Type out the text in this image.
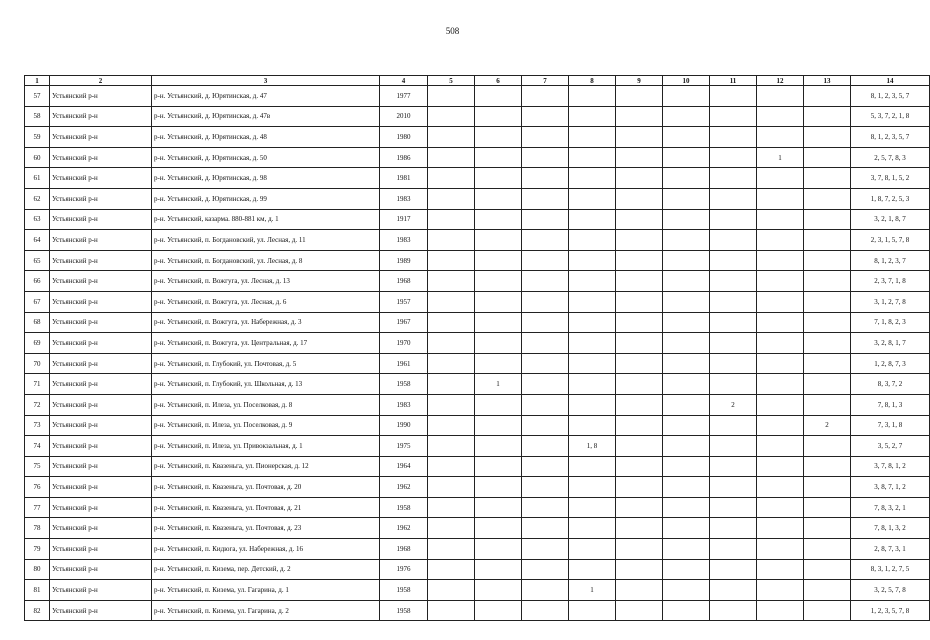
508
1	2	3	4	5	6	7	8	9	10	11	12	13	14
57	Устьянский р-н	р-н. Устьянский, д. Юрятинская, д. 47	1977										8, 1, 2, 3, 5, 7
58	Устьянский р-н	р-н. Устьянский, д. Юрятинская, д. 47в	2010										5, 3, 7, 2, 1, 8
59	Устьянский р-н	р-н. Устьянский, д. Юрятинская, д. 48	1980										8, 1, 2, 3, 5, 7
60	Устьянский р-н	р-н. Устьянский, д. Юрятинская, д. 50	1986								1		2, 5, 7, 8, 3
61	Устьянский р-н	р-н. Устьянский, д. Юрятинская, д. 98	1981										3, 7, 8, 1, 5, 2
62	Устьянский р-н	р-н. Устьянский, д. Юрятинская, д. 99	1983										1, 8, 7, 2, 5, 3
63	Устьянский р-н	р-н. Устьянский, казарма. 880-881 км, д. 1	1917										3, 2, 1, 8, 7
64	Устьянский р-н	р-н. Устьянский, п. Богдановский, ул. Лесная, д. 11	1983										2, 3, 1, 5, 7, 8
65	Устьянский р-н	р-н. Устьянский, п. Богдановский, ул. Лесная, д. 8	1989										8, 1, 2, 3, 7
66	Устьянский р-н	р-н. Устьянский, п. Вожгуга, ул. Лесная, д. 13	1968										2, 3, 7, 1, 8
67	Устьянский р-н	р-н. Устьянский, п. Вожгуга, ул. Лесная, д. 6	1957										3, 1, 2, 7, 8
68	Устьянский р-н	р-н. Устьянский, п. Вожгуга, ул. Набережная, д. 3	1967										7, 1, 8, 2, 3
69	Устьянский р-н	р-н. Устьянский, п. Вожгуга, ул. Центральная, д. 17	1970										3, 2, 8, 1, 7
70	Устьянский р-н	р-н. Устьянский, п. Глубокий, ул. Почтовая, д. 5	1961										1, 2, 8, 7, 3
71	Устьянский р-н	р-н. Устьянский, п. Глубокий, ул. Школьная, д. 13	1958		1								8, 3, 7, 2
72	Устьянский р-н	р-н. Устьянский, п. Илеза, ул. Поселковая, д. 8	1983							2			7, 8, 1, 3
73	Устьянский р-н	р-н. Устьянский, п. Илеза, ул. Поселковая, д. 9	1990									2	7, 3, 1, 8
74	Устьянский р-н	р-н. Устьянский, п. Илеза, ул. Привокзальная, д. 1	1975				1, 8						3, 5, 2, 7
75	Устьянский р-н	р-н. Устьянский, п. Квазеньга, ул. Пионерская, д. 12	1964										3, 7, 8, 1, 2
76	Устьянский р-н	р-н. Устьянский, п. Квазеньга, ул. Почтовая, д. 20	1962										3, 8, 7, 1, 2
77	Устьянский р-н	р-н. Устьянский, п. Квазеньга, ул. Почтовая, д. 21	1958										7, 8, 3, 2, 1
78	Устьянский р-н	р-н. Устьянский, п. Квазеньга, ул. Почтовая, д. 23	1962										7, 8, 1, 3, 2
79	Устьянский р-н	р-н. Устьянский, п. Кидюга, ул. Набережная, д. 16	1968										2, 8, 7, 3, 1
80	Устьянский р-н	р-н. Устьянский, п. Кизема, пер. Детский, д. 2	1976										8, 3, 1, 2, 7, 5
81	Устьянский р-н	р-н. Устьянский, п. Кизема, ул. Гагарина, д. 1	1958				1						3, 2, 5, 7, 8
82	Устьянский р-н	р-н. Устьянский, п. Кизема, ул. Гагарина, д. 2	1958										1, 2, 3, 5, 7, 8
